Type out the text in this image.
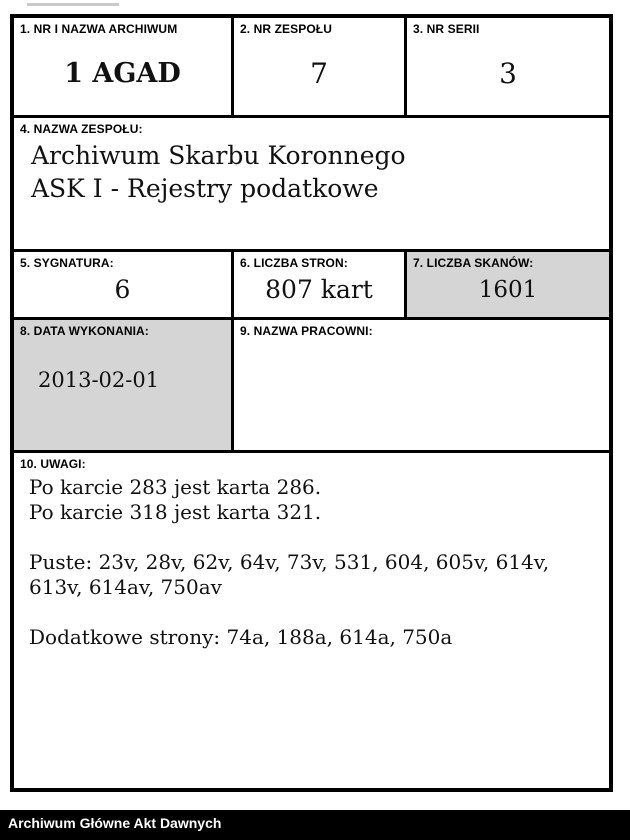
1. NR I NAZWA ARCHIWUM
1 AGAD
2. NR ZESPOŁU
7
3. NR SERII
3
4. NAZWA ZESPOŁU:
Archiwum Skarbu Koronnego
ASK I - Rejestry podatkowe
5. SYGNATURA:
6
6. LICZBA STRON:
807 kart
7. LICZBA SKANÓW:
1601
8. DATA WYKONANIA:
2013-02-01
9. NAZWA PRACOWNI:
10. UWAGI:
Po karcie 283 jest karta 286.
Po karcie 318 jest karta 321.
Puste: 23v, 28v, 62v, 64v, 73v, 531, 604, 605v, 614v,
613v, 614av, 750av
Dodatkowe strony: 74a, 188a, 614a, 750a
Archiwum Główne Akt Dawnych
